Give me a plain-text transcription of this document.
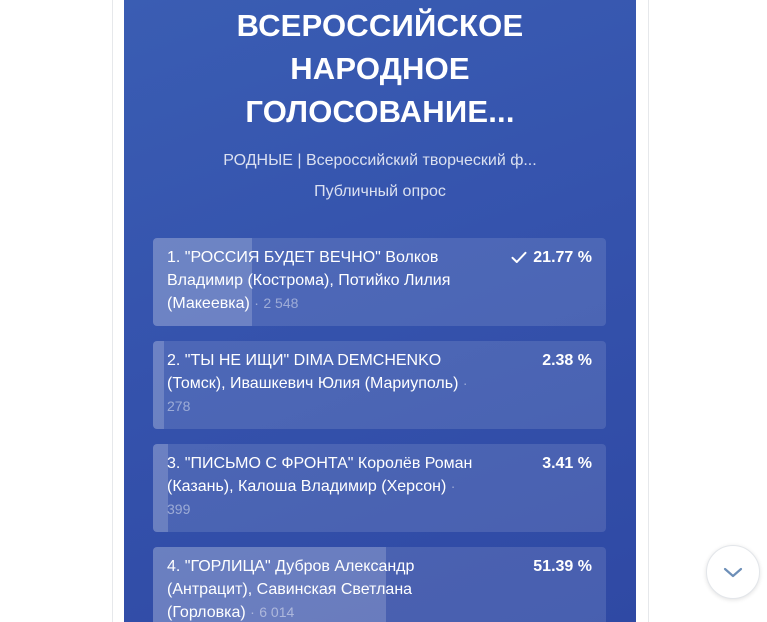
ВСЕРОССИЙСКОЕ
НАРОДНОЕ
ГОЛОСОВАНИЕ...
РОДНЫЕ | Всероссийский творческий ф...
Публичный опрос
1. "РОССИЯ БУДЕТ ВЕЧНО" Волков Владимир (Кострома), Потийко Лилия (Макеевка) · 2 548
21.77 %
2. "ТЫ НЕ ИЩИ" DIMA DEMCHENKO (Томск), Ивашкевич Юлия (Мариуполь) · 278
2.38 %
3. "ПИСЬМО С ФРОНТА" Королёв Роман (Казань), Калоша Владимир (Херсон) · 399
3.41 %
4. "ГОРЛИЦА" Дубров Александр (Антрацит), Савинская Светлана (Горловка) · 6 014
51.39 %
